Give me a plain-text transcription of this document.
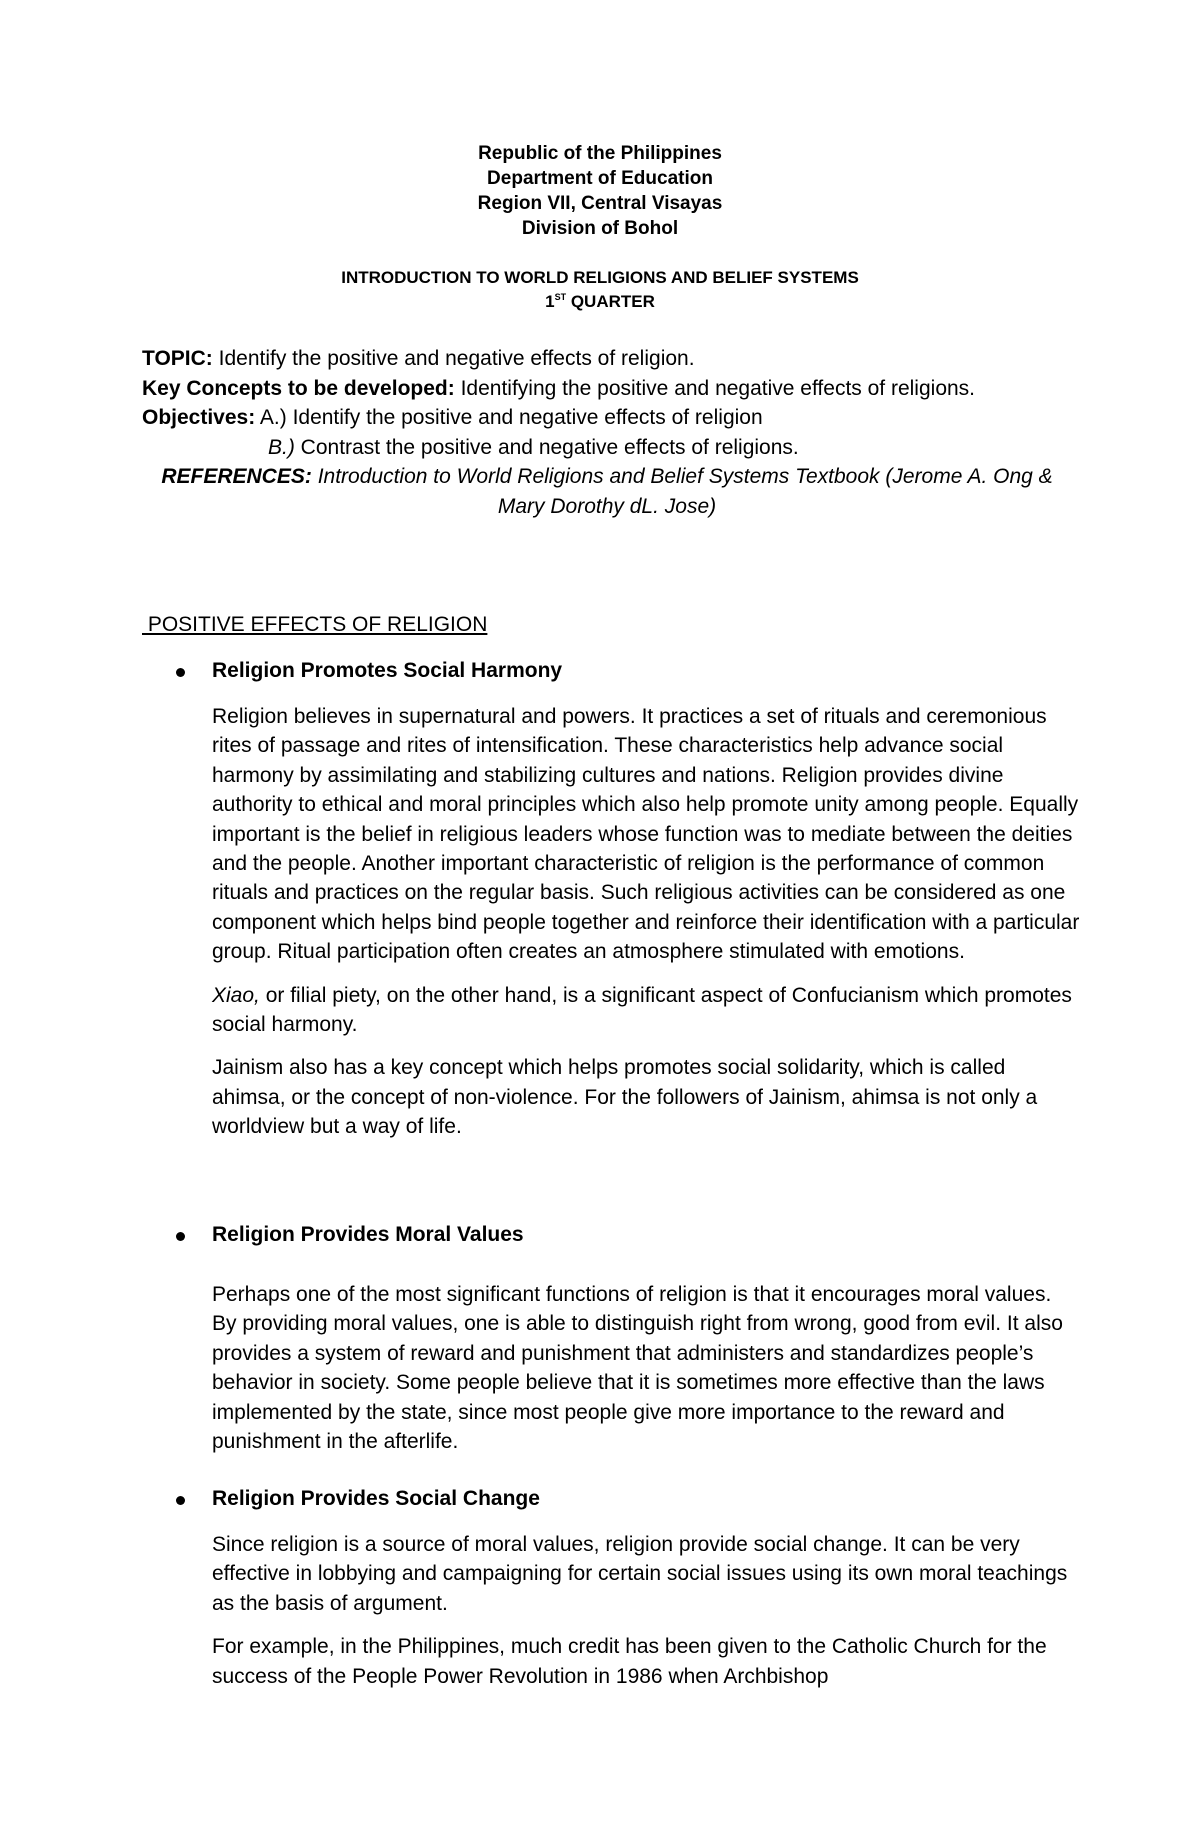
Republic of the Philippines
Department of Education
Region VII, Central Visayas
Division of Bohol
INTRODUCTION TO WORLD RELIGIONS AND BELIEF SYSTEMS
1ST QUARTER
TOPIC: Identify the positive and negative effects of religion.
Key Concepts to be developed: Identifying the positive and negative effects of religions.
Objectives: A.) Identify the positive and negative effects of religion
B.) Contrast the positive and negative effects of religions.
REFERENCES: Introduction to World Religions and Belief Systems Textbook (Jerome A. Ong & Mary Dorothy dL. Jose)
POSITIVE EFFECTS OF RELIGION
Religion Promotes Social Harmony

Religion believes in supernatural and powers. It practices a set of rituals and ceremonious rites of passage and rites of intensification. These characteristics help advance social harmony by assimilating and stabilizing cultures and nations. Religion provides divine authority to ethical and moral principles which also help promote unity among people. Equally important is the belief in religious leaders whose function was to mediate between the deities and the people. Another important characteristic of religion is the performance of common rituals and practices on the regular basis. Such religious activities can be considered as one component which helps bind people together and reinforce their identification with a particular group. Ritual participation often creates an atmosphere stimulated with emotions.

Xiao, or filial piety, on the other hand, is a significant aspect of Confucianism which promotes social harmony.

Jainism also has a key concept which helps promotes social solidarity, which is called ahimsa, or the concept of non-violence. For the followers of Jainism, ahimsa is not only a worldview but a way of life.

Religion Provides Moral Values

Perhaps one of the most significant functions of religion is that it encourages moral values. By providing moral values, one is able to distinguish right from wrong, good from evil. It also provides a system of reward and punishment that administers and standardizes people’s behavior in society. Some people believe that it is sometimes more effective than the laws implemented by the state, since most people give more importance to the reward and punishment in the afterlife.

Religion Provides Social Change

Since religion is a source of moral values, religion provide social change. It can be very effective in lobbying and campaigning for certain social issues using its own moral teachings as the basis of argument.

For example, in the Philippines, much credit has been given to the Catholic Church for the success of the People Power Revolution in 1986 when Archbishop
